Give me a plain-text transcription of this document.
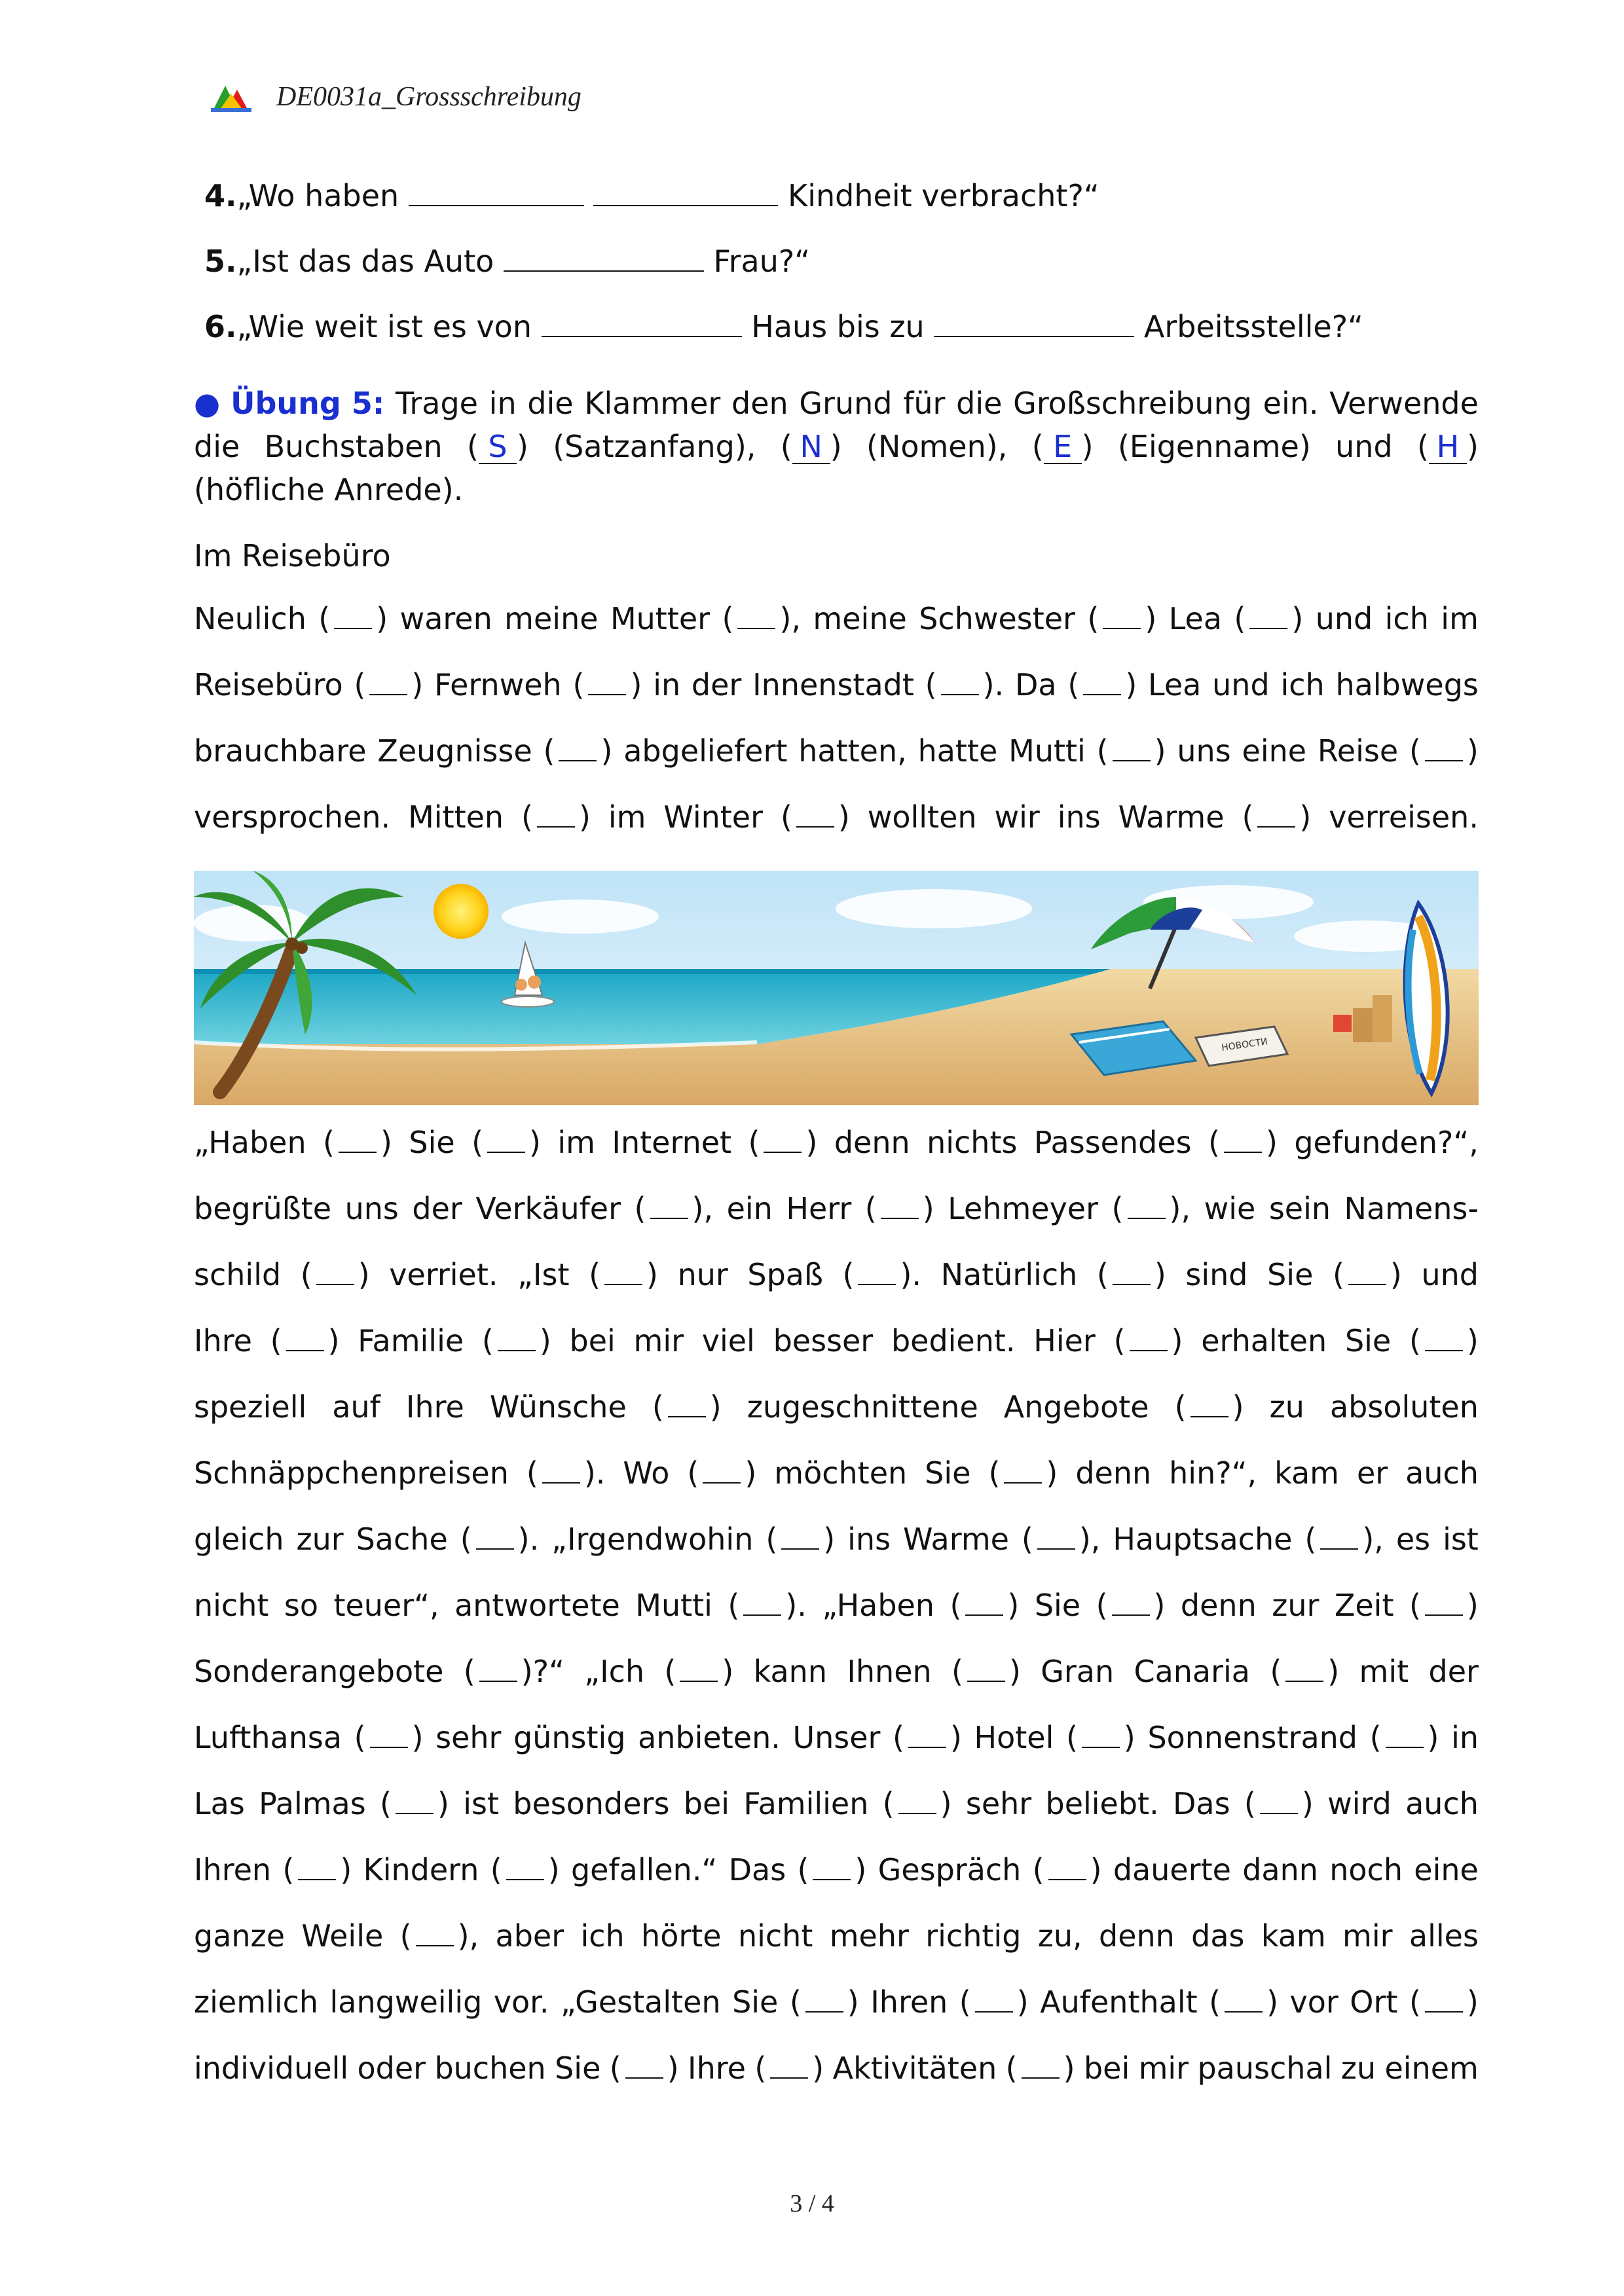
DE0031a_Grossschreibung
4.„Wo haben	Kindheit verbracht?“
5.„Ist das das Auto	Frau?“
6.„Wie weit ist es von	Haus bis zu	Arbeitsstelle?“
● Übung 5: Trage in die Klammer den Grund für die Großschreibung ein. Verwende
die Buchstaben ( S ) (Satzanfang), ( N ) (Nomen), ( E ) (Eigenname) und ( H )
(höfliche Anrede).
Im Reisebüro
Neulich ( ) waren meine Mutter ( ), meine Schwester ( ) Lea ( ) und ich im
Reisebüro ( ) Fernweh ( ) in der Innenstadt ( ). Da ( ) Lea und ich halbwegs
brauchbare Zeugnisse ( ) abgeliefert hatten, hatte Mutti ( ) uns eine Reise ( )
versprochen. Mitten ( ) im Winter ( ) wollten wir ins Warme ( ) verreisen.
НОВОСТИ
„Haben ( ) Sie ( ) im Internet ( ) denn nichts Passendes ( ) gefunden?“,
begrüßte uns der Verkäufer ( ), ein Herr ( ) Lehmeyer ( ), wie sein Namens-
schild ( ) verriet. „Ist ( ) nur Spaß ( ). Natürlich ( ) sind Sie ( ) und
Ihre ( ) Familie ( ) bei mir viel besser bedient. Hier ( ) erhalten Sie ( )
speziell auf Ihre Wünsche ( ) zugeschnittene Angebote ( ) zu absoluten
Schnäppchenpreisen ( ). Wo ( ) möchten Sie ( ) denn hin?“, kam er auch
gleich zur Sache ( ). „Irgendwohin ( ) ins Warme ( ), Hauptsache ( ), es ist
nicht so teuer“, antwortete Mutti ( ). „Haben ( ) Sie ( ) denn zur Zeit ( )
Sonderangebote ( )?“ „Ich ( ) kann Ihnen ( ) Gran Canaria ( ) mit der
Lufthansa ( ) sehr günstig anbieten. Unser ( ) Hotel ( ) Sonnenstrand ( ) in
Las Palmas ( ) ist besonders bei Familien ( ) sehr beliebt. Das ( ) wird auch
Ihren ( ) Kindern ( ) gefallen.“ Das ( ) Gespräch ( ) dauerte dann noch eine
ganze Weile ( ), aber ich hörte nicht mehr richtig zu, denn das kam mir alles
ziemlich langweilig vor. „Gestalten Sie ( ) Ihren ( ) Aufenthalt ( ) vor Ort ( )
individuell oder buchen Sie ( ) Ihre ( ) Aktivitäten ( ) bei mir pauschal zu einem
3 / 4
